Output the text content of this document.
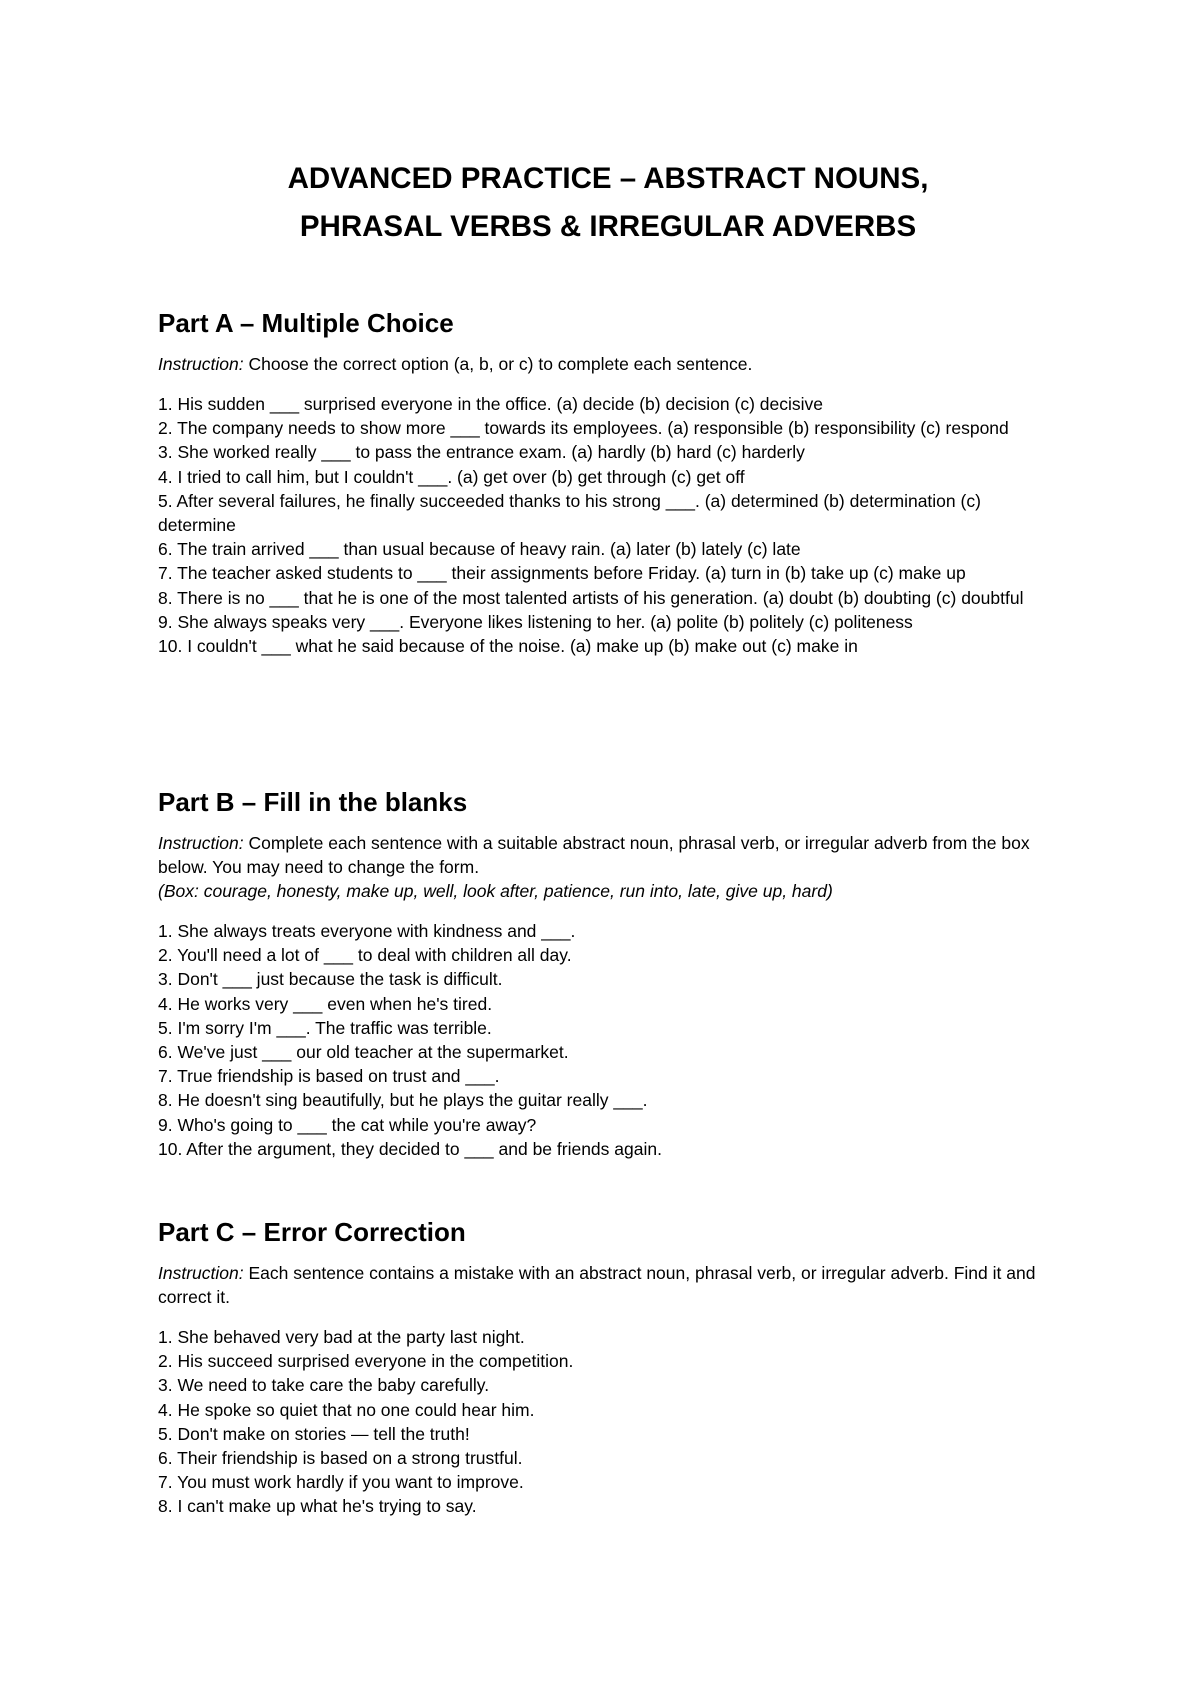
ADVANCED PRACTICE – ABSTRACT NOUNS,
PHRASAL VERBS & IRREGULAR ADVERBS
Part A – Multiple Choice

Instruction: Choose the correct option (a, b, or c) to complete each sentence.

1. His sudden ___ surprised everyone in the office. (a) decide (b) decision (c) decisive
2. The company needs to show more ___ towards its employees. (a) responsible (b) responsibility (c) respond
3. She worked really ___ to pass the entrance exam. (a) hardly (b) hard (c) harderly
4. I tried to call him, but I couldn't ___. (a) get over (b) get through (c) get off
5. After several failures, he finally succeeded thanks to his strong ___. (a) determined (b) determination (c) determine
6. The train arrived ___ than usual because of heavy rain. (a) later (b) lately (c) late
7. The teacher asked students to ___ their assignments before Friday. (a) turn in (b) take up (c) make up
8. There is no ___ that he is one of the most talented artists of his generation. (a) doubt (b) doubting (c) doubtful
9. She always speaks very ___. Everyone likes listening to her. (a) polite (b) politely (c) politeness
10. I couldn't ___ what he said because of the noise. (a) make up (b) make out (c) make in
Part B – Fill in the blanks

Instruction: Complete each sentence with a suitable abstract noun, phrasal verb, or irregular adverb from the box below. You may need to change the form.
(Box: courage, honesty, make up, well, look after, patience, run into, late, give up, hard)

1. She always treats everyone with kindness and ___.
2. You'll need a lot of ___ to deal with children all day.
3. Don't ___ just because the task is difficult.
4. He works very ___ even when he's tired.
5. I'm sorry I'm ___. The traffic was terrible.
6. We've just ___ our old teacher at the supermarket.
7. True friendship is based on trust and ___.
8. He doesn't sing beautifully, but he plays the guitar really ___.
9. Who's going to ___ the cat while you're away?
10. After the argument, they decided to ___ and be friends again.
Part C – Error Correction

Instruction: Each sentence contains a mistake with an abstract noun, phrasal verb, or irregular adverb. Find it and correct it.

1. She behaved very bad at the party last night.
2. His succeed surprised everyone in the competition.
3. We need to take care the baby carefully.
4. He spoke so quiet that no one could hear him.
5. Don't make on stories — tell the truth!
6. Their friendship is based on a strong trustful.
7. You must work hardly if you want to improve.
8. I can't make up what he's trying to say.
